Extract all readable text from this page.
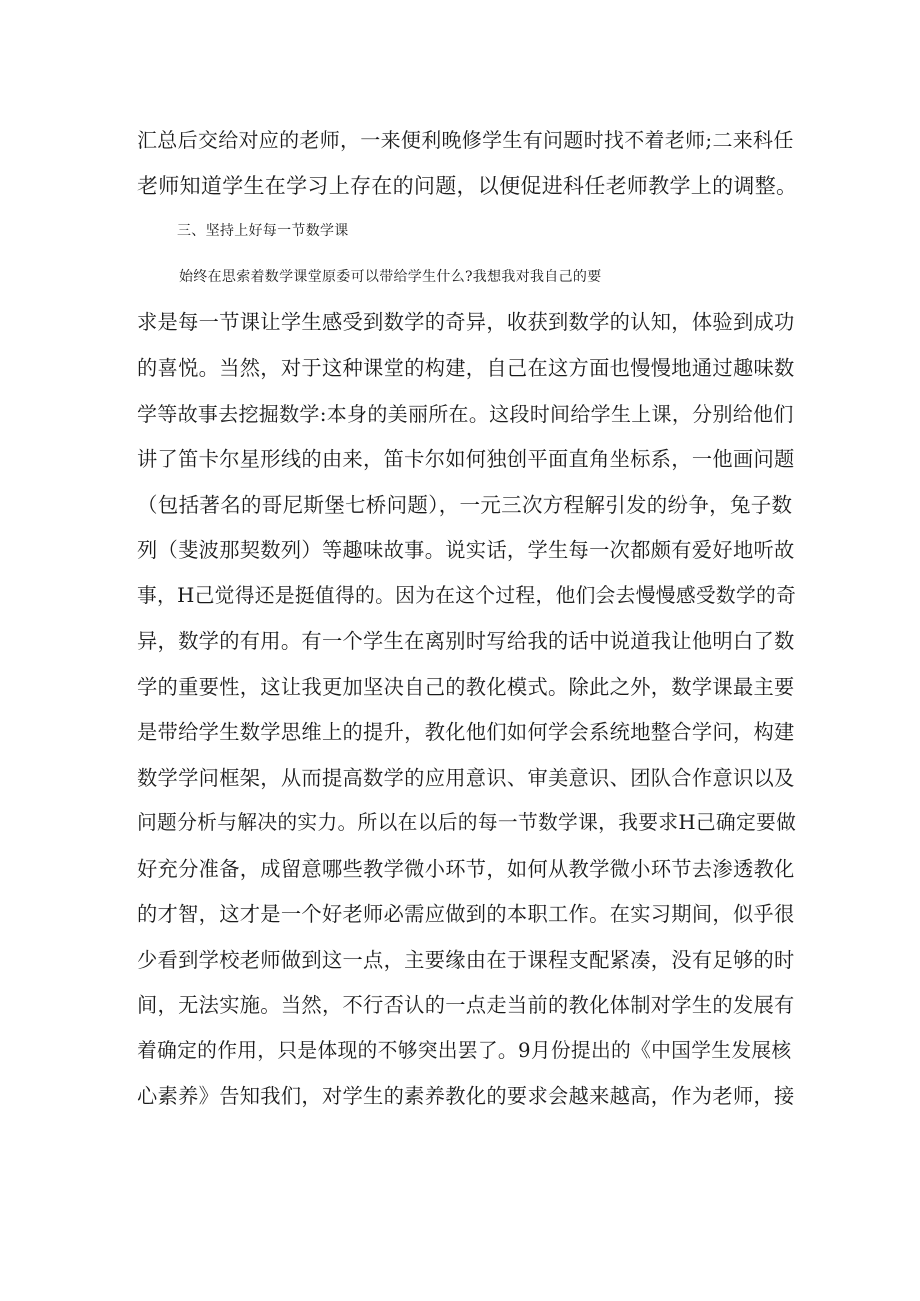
汇总后交给对应的老师，一来便利晚修学生有问题时找不着老师;二来科任
老师知道学生在学习上存在的问题，以便促进科任老师教学上的调整。
三、坚持上好每一节数学课
始终在思索着数学课堂原委可以带给学生什么?我想我对我自己的要
求是每一节课让学生感受到数学的奇异，收获到数学的认知，体验到成功
的喜悦。当然，对于这种课堂的构建，自己在这方面也慢慢地通过趣味数
学等故事去挖掘数学:本身的美丽所在。这段时间给学生上课，分别给他们
讲了笛卡尔星形线的由来，笛卡尔如何独创平面直角坐标系，一他画问题
（包括著名的哥尼斯堡七桥问题），一元三次方程解引发的纷争，兔子数
列（斐波那契数列）等趣味故事。说实话，学生每一次都颇有爱好地听故
事，H己觉得还是挺值得的。因为在这个过程，他们会去慢慢感受数学的奇
异，数学的有用。有一个学生在离别时写给我的话中说道我让他明白了数
学的重要性，这让我更加坚决自己的教化模式。除此之外，数学课最主要
是带给学生数学思维上的提升，教化他们如何学会系统地整合学问，构建
数学学问框架，从而提高数学的应用意识、审美意识、团队合作意识以及
问题分析与解决的实力。所以在以后的每一节数学课，我要求H己确定要做
好充分准备，成留意哪些教学微小环节，如何从教学微小环节去渗透教化
的才智，这才是一个好老师必需应做到的本职工作。在实习期间，似乎很
少看到学校老师做到这一点，主要缘由在于课程支配紧凑，没有足够的时
间，无法实施。当然，不行否认的一点走当前的教化体制对学生的发展有
着确定的作用，只是体现的不够突出罢了。9月份提出的《中国学生发展核
心素养》告知我们，对学生的素养教化的要求会越来越高，作为老师，接
